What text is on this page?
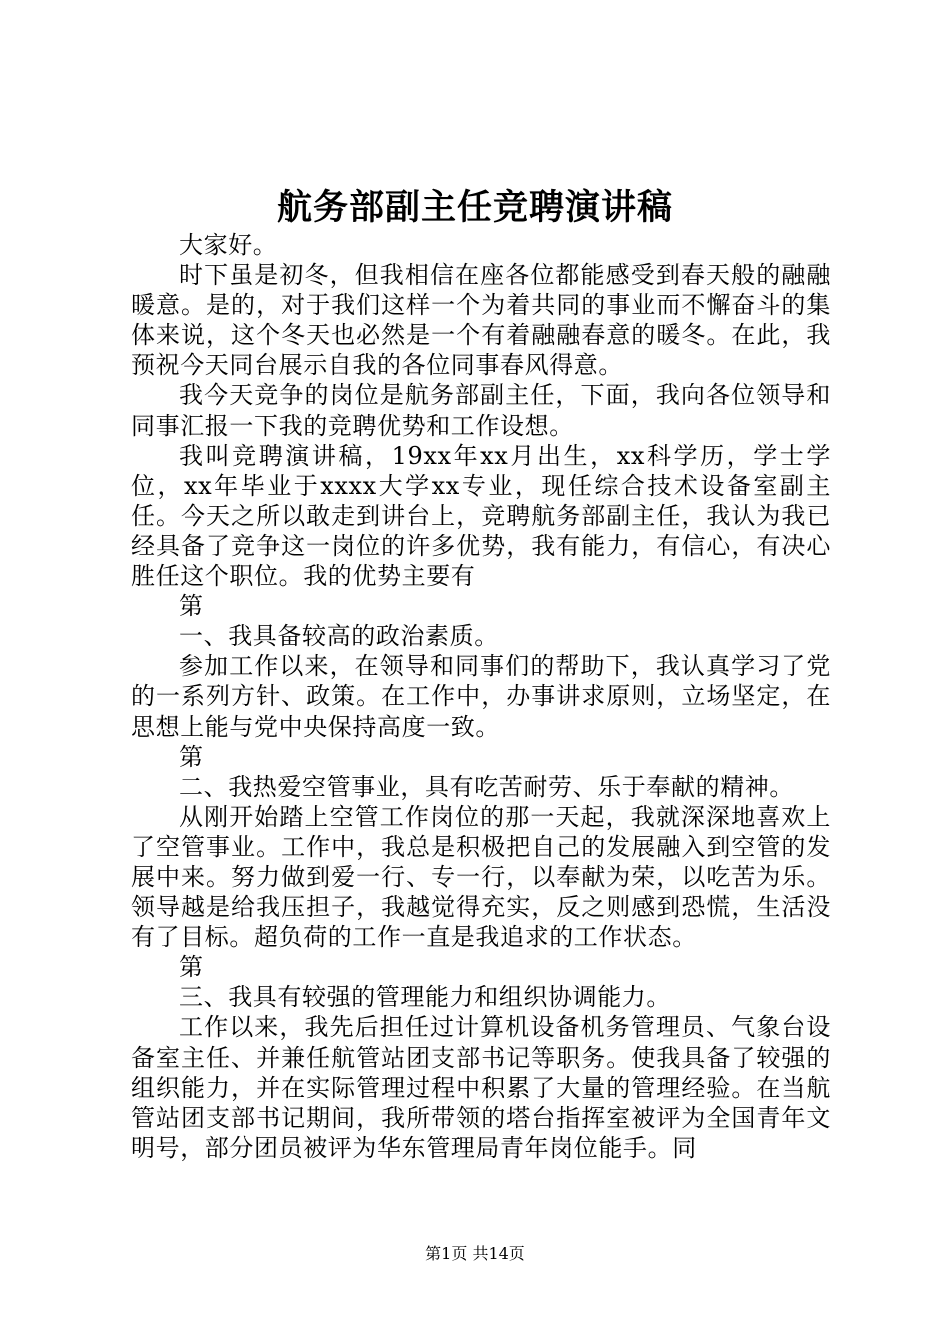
航务部副主任竞聘演讲稿

大家好。

时下虽是初冬，但我相信在座各位都能感受到春天般的融融暖意。是的，对于我们这样一个为着共同的事业而不懈奋斗的集体来说，这个冬天也必然是一个有着融融春意的暖冬。在此，我预祝今天同台展示自我的各位同事春风得意。

我今天竞争的岗位是航务部副主任，下面，我向各位领导和同事汇报一下我的竞聘优势和工作设想。

我叫竞聘演讲稿，19xx年xx月出生，xx科学历，学士学位，xx年毕业于xxxx大学xx专业，现任综合技术设备室副主任。今天之所以敢走到讲台上，竞聘航务部副主任，我认为我已经具备了竞争这一岗位的许多优势，我有能力，有信心，有决心胜任这个职位。我的优势主要有

第

一、我具备较高的政治素质。

参加工作以来，在领导和同事们的帮助下，我认真学习了党的一系列方针、政策。在工作中，办事讲求原则，立场坚定，在思想上能与党中央保持高度一致。

第

二、我热爱空管事业，具有吃苦耐劳、乐于奉献的精神。

从刚开始踏上空管工作岗位的那一天起，我就深深地喜欢上了空管事业。工作中，我总是积极把自己的发展融入到空管的发展中来。努力做到爱一行、专一行，以奉献为荣，以吃苦为乐。领导越是给我压担子，我越觉得充实，反之则感到恐慌，生活没有了目标。超负荷的工作一直是我追求的工作状态。

第

三、我具有较强的管理能力和组织协调能力。

工作以来，我先后担任过计算机设备机务管理员、气象台设备室主任、并兼任航管站团支部书记等职务。使我具备了较强的组织能力，并在实际管理过程中积累了大量的管理经验。在当航管站团支部书记期间，我所带领的塔台指挥室被评为全国青年文明号，部分团员被评为华东管理局青年岗位能手。同

第1页 共14页
